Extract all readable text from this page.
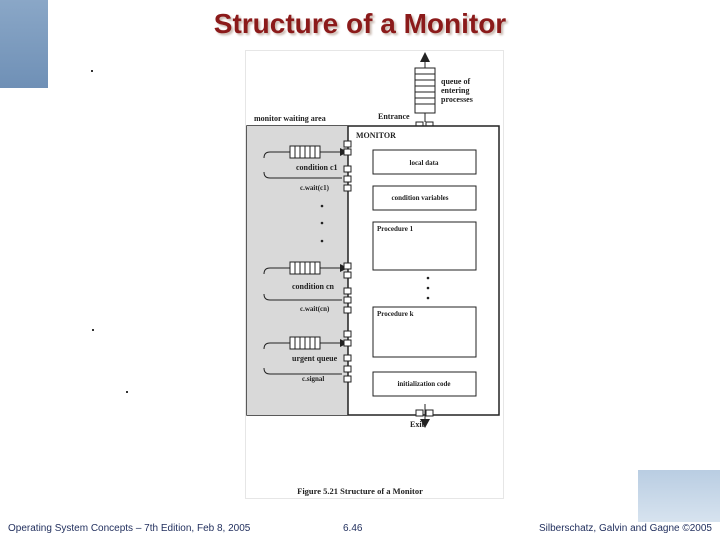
Structure of a Monitor
queue of
entering
processes
Entrance
monitor waiting area
MONITOR
condition c1
c.wait(c1)
condition cn
c.wait(cn)
urgent queue
c.signal
local data
condition variables
Procedure 1
Procedure k
initialization code
Exit
Figure 5.21 Structure of a Monitor
Operating System Concepts – 7th Edition, Feb 8, 2005	6.46	Silberschatz, Galvin and Gagne ©2005
